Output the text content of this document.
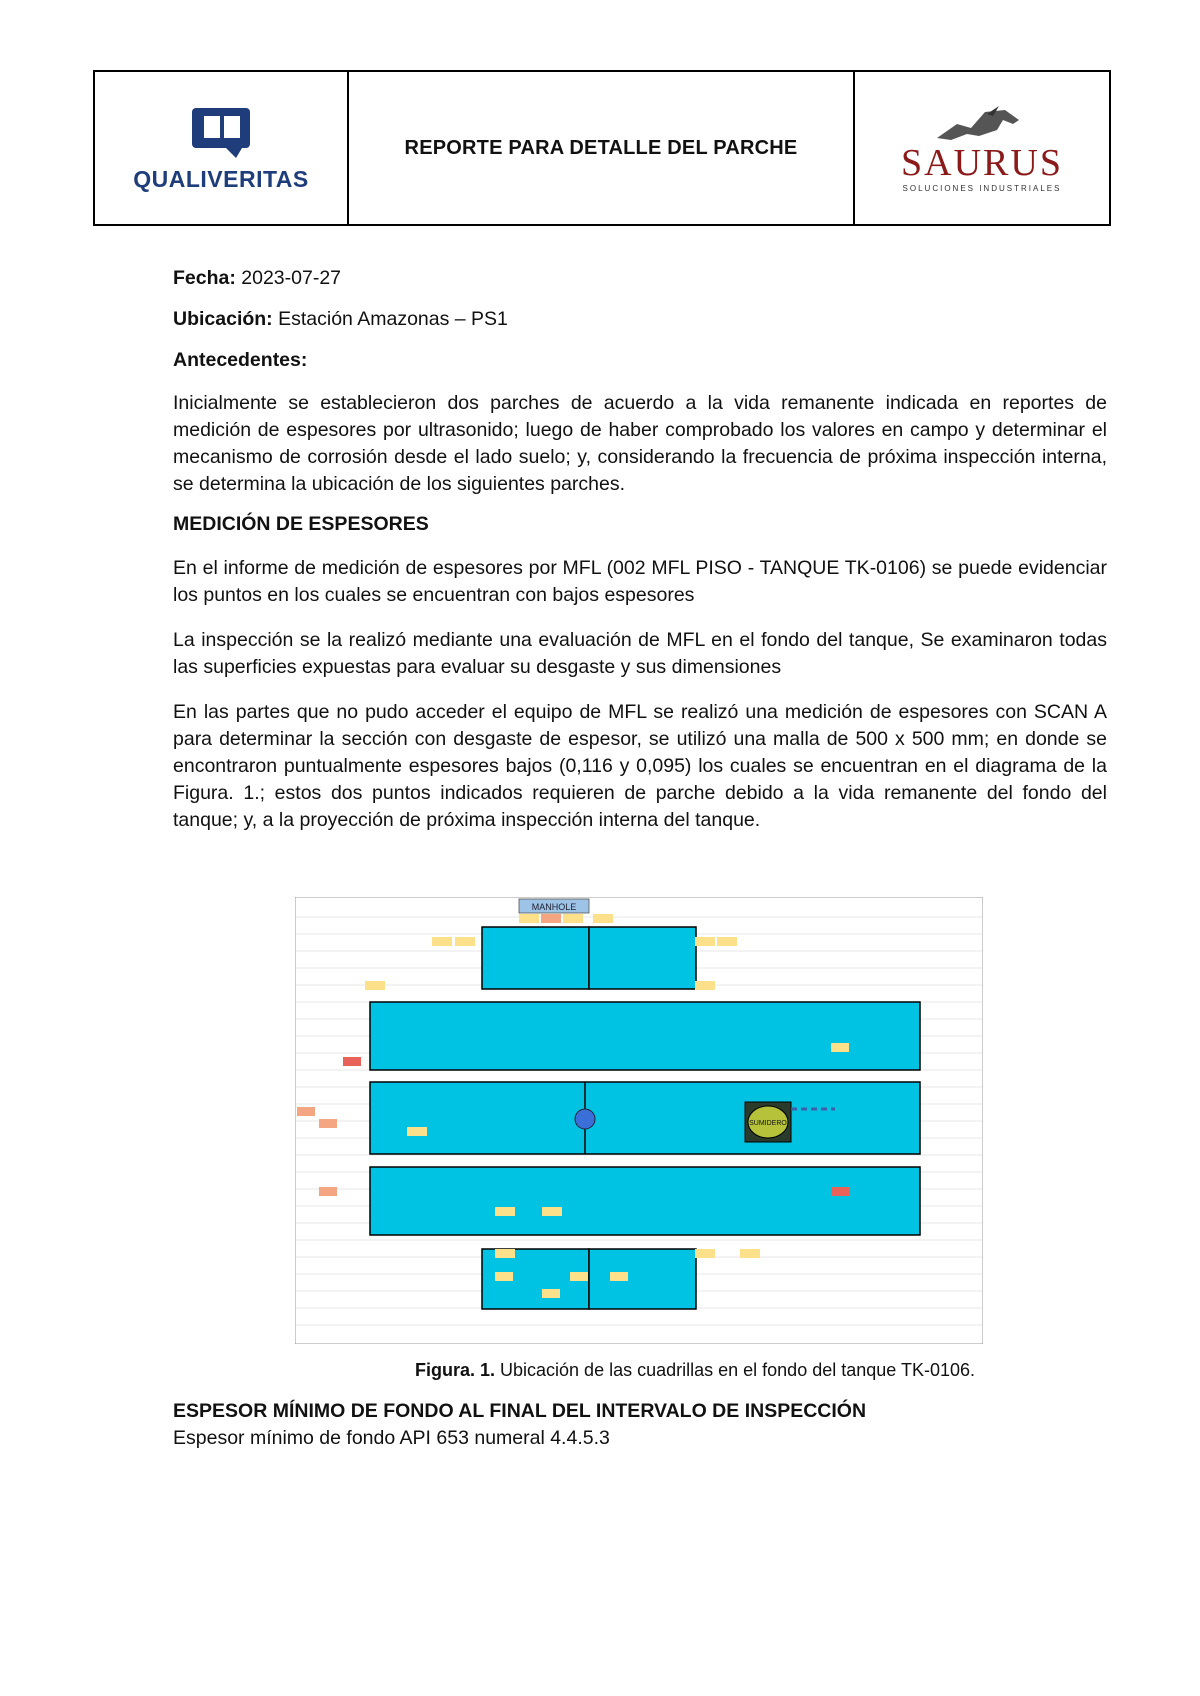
QUALIVERITAS
REPORTE PARA DETALLE DEL PARCHE	SAURUS
SOLUCIONES INDUSTRIALES
Fecha: 2023-07-27
Ubicación: Estación Amazonas – PS1
Antecedentes:
Inicialmente se establecieron dos parches de acuerdo a la vida remanente indicada en reportes de medición de espesores por ultrasonido; luego de haber comprobado los valores en campo y determinar el mecanismo de corrosión desde el lado suelo; y, considerando la frecuencia de próxima inspección interna, se determina la ubicación de los siguientes parches.
MEDICIÓN DE ESPESORES
En el informe de medición de espesores por MFL (002 MFL PISO - TANQUE TK-0106) se puede evidenciar los puntos en los cuales se encuentran con bajos espesores
La inspección se la realizó mediante una evaluación de MFL en el fondo del tanque, Se examinaron todas las superficies expuestas para evaluar su desgaste y sus dimensiones
En las partes que no pudo acceder el equipo de MFL se realizó una medición de espesores con SCAN A para determinar la sección con desgaste de espesor, se utilizó una malla de 500 x 500 mm; en donde se encontraron puntualmente espesores bajos (0,116 y 0,095) los cuales se encuentran en el diagrama de la Figura. 1.; estos dos puntos indicados requieren de parche debido a la vida remanente del fondo del tanque; y, a la proyección de próxima inspección interna del tanque.
MANHOLE
SUMIDERO
Figura. 1. Ubicación de las cuadrillas en el fondo del tanque TK-0106.
ESPESOR MÍNIMO DE FONDO AL FINAL DEL INTERVALO DE INSPECCIÓN
Espesor mínimo de fondo API 653 numeral 4.4.5.3
